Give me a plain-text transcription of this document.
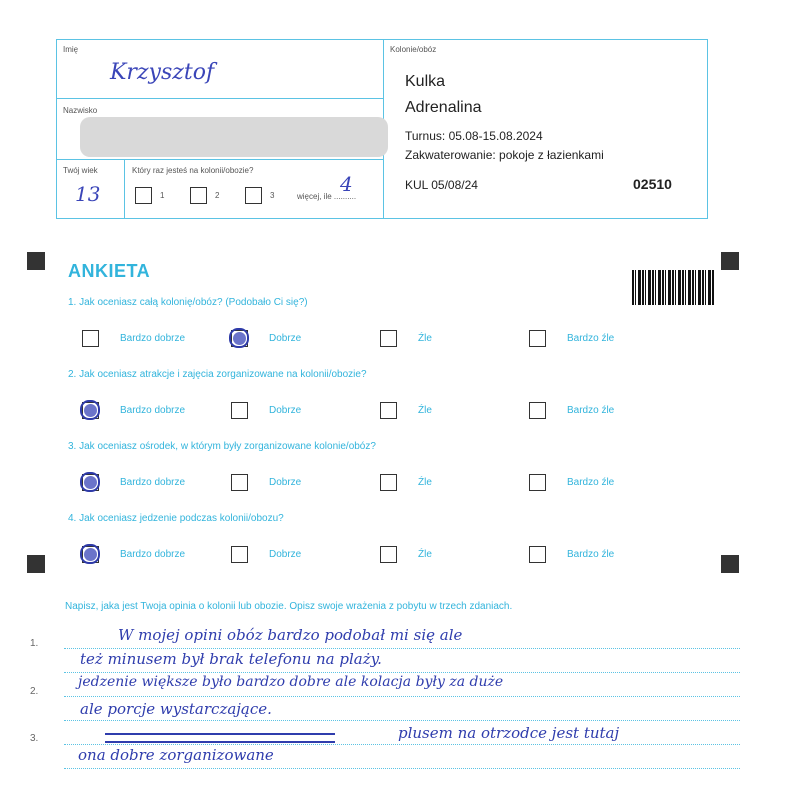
Imię
Krzysztof
Nazwisko
Twój wiek
13
Który raz jesteś na kolonii/obozie?
1	2	3	więcej, ile ..........
4
Kolonie/obóz
Kulka
Adrenalina
Turnus: 05.08-15.08.2024
Zakwaterowanie: pokoje z łazienkami
KUL 05/08/24	02510
ANKIETA
1. Jak oceniasz całą kolonię/obóz? (Podobało Ci się?)
Bardzo dobrze	Dobrze	Źle	Bardzo źle
2. Jak oceniasz atrakcje i zajęcia zorganizowane na kolonii/obozie?
Bardzo dobrze	Dobrze	Źle	Bardzo źle
3. Jak oceniasz ośrodek, w którym były zorganizowane kolonie/obóz?
Bardzo dobrze	Dobrze	Źle	Bardzo źle
4. Jak oceniasz jedzenie podczas kolonii/obozu?
Bardzo dobrze	Dobrze	Źle	Bardzo źle
Napisz, jaka jest Twoja opinia o kolonii lub obozie. Opisz swoje wrażenia z pobytu w trzech zdaniach.
1.
2.
3.
W mojej opini obóz bardzo podobał mi się ale
też minusem był brak telefonu na plaży.
jedzenie większe było bardzo dobre ale kolacja były za duże
ale porcje wystarczające.
plusem na otrzodce jest tutaj
ona dobre zorganizowane
